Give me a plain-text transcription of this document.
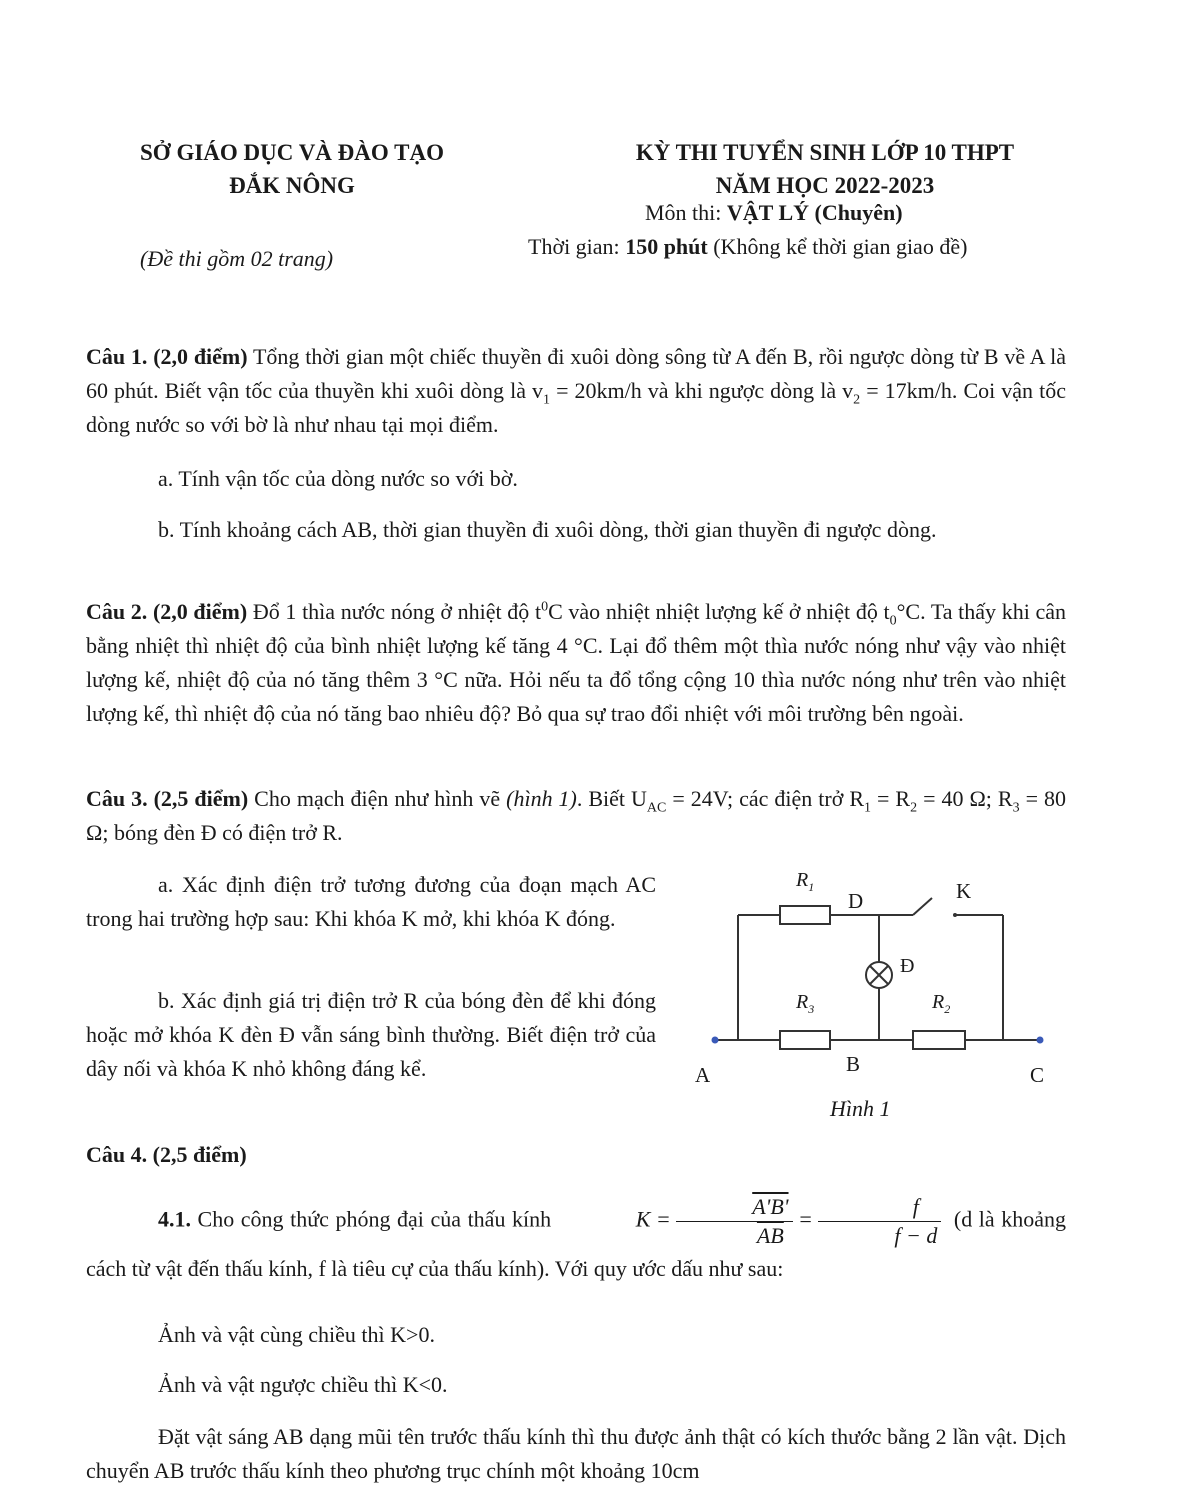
SỞ GIÁO DỤC VÀ ĐÀO TẠO
ĐẮK NÔNG
KỲ THI TUYỂN SINH LỚP 10 THPT
NĂM HỌC 2022-2023
Môn thi: VẬT LÝ (Chuyên)
(Đề thi gồm 02 trang)	Thời gian: 150 phút (Không kể thời gian giao đề)
Câu 1. (2,0 điểm) Tổng thời gian một chiếc thuyền đi xuôi dòng sông từ A đến B, rồi ngược dòng từ B về A là 60 phút. Biết vận tốc của thuyền khi xuôi dòng là $v_1 = 20km/h$ và khi ngược dòng là $v_2 = 17km/h$. Coi vận tốc dòng nước so với bờ là như nhau tại mọi điểm.
a. Tính vận tốc của dòng nước so với bờ.
b. Tính khoảng cách AB, thời gian thuyền đi xuôi dòng, thời gian thuyền đi ngược dòng.
Câu 2. (2,0 điểm) Đổ 1 thìa nước nóng ở nhiệt độ $t^0C$ vào nhiệt nhiệt lượng kế ở nhiệt độ $t_0^\circ C$. Ta thấy khi cân bằng nhiệt thì nhiệt độ của bình nhiệt lượng kế tăng 4 °C. Lại đổ thêm một thìa nước nóng như vậy vào nhiệt lượng kế, nhiệt độ của nó tăng thêm 3 °C nữa. Hỏi nếu ta đổ tổng cộng 10 thìa nước nóng như trên vào nhiệt lượng kế, thì nhiệt độ của nó tăng bao nhiêu độ? Bỏ qua sự trao đổi nhiệt với môi trường bên ngoài.
Câu 3. (2,5 điểm) Cho mạch điện như hình vẽ (hình 1). Biết $U_{AC} = 24V$; các điện trở $R_1 = R_2 = 40$ Ω; $R_3 = 80$ Ω; bóng đèn Đ có điện trở R.
a. Xác định điện trở tương đương của đoạn mạch AC trong hai trường hợp sau: Khi khóa K mở, khi khóa K đóng.
b. Xác định giá trị điện trở R của bóng đèn để khi đóng hoặc mở khóa K đèn Đ vẫn sáng bình thường. Biết điện trở của dây nối và khóa K nhỏ không đáng kể.
$R_1$
D	K
Đ
$R_3$	$R_2$
A	B	C
Hình 1
Câu 4. (2,5 điểm)
4.1. Cho công thức phóng đại của thấu kính	$K = \frac{A'B'}{AB} = \frac{f}{f - d} (d$ là khoảng cách từ vật đến thấu kính, f là tiêu cự của thấu kính). Với quy ước dấu như sau:
Ảnh và vật cùng chiều thì K>0.
Ảnh và vật ngược chiều thì K<0.
Đặt vật sáng AB dạng mũi tên trước thấu kính thì thu được ảnh thật có kích thước bằng 2 lần vật. Dịch chuyển AB trước thấu kính theo phương trục chính một khoảng 10cm
